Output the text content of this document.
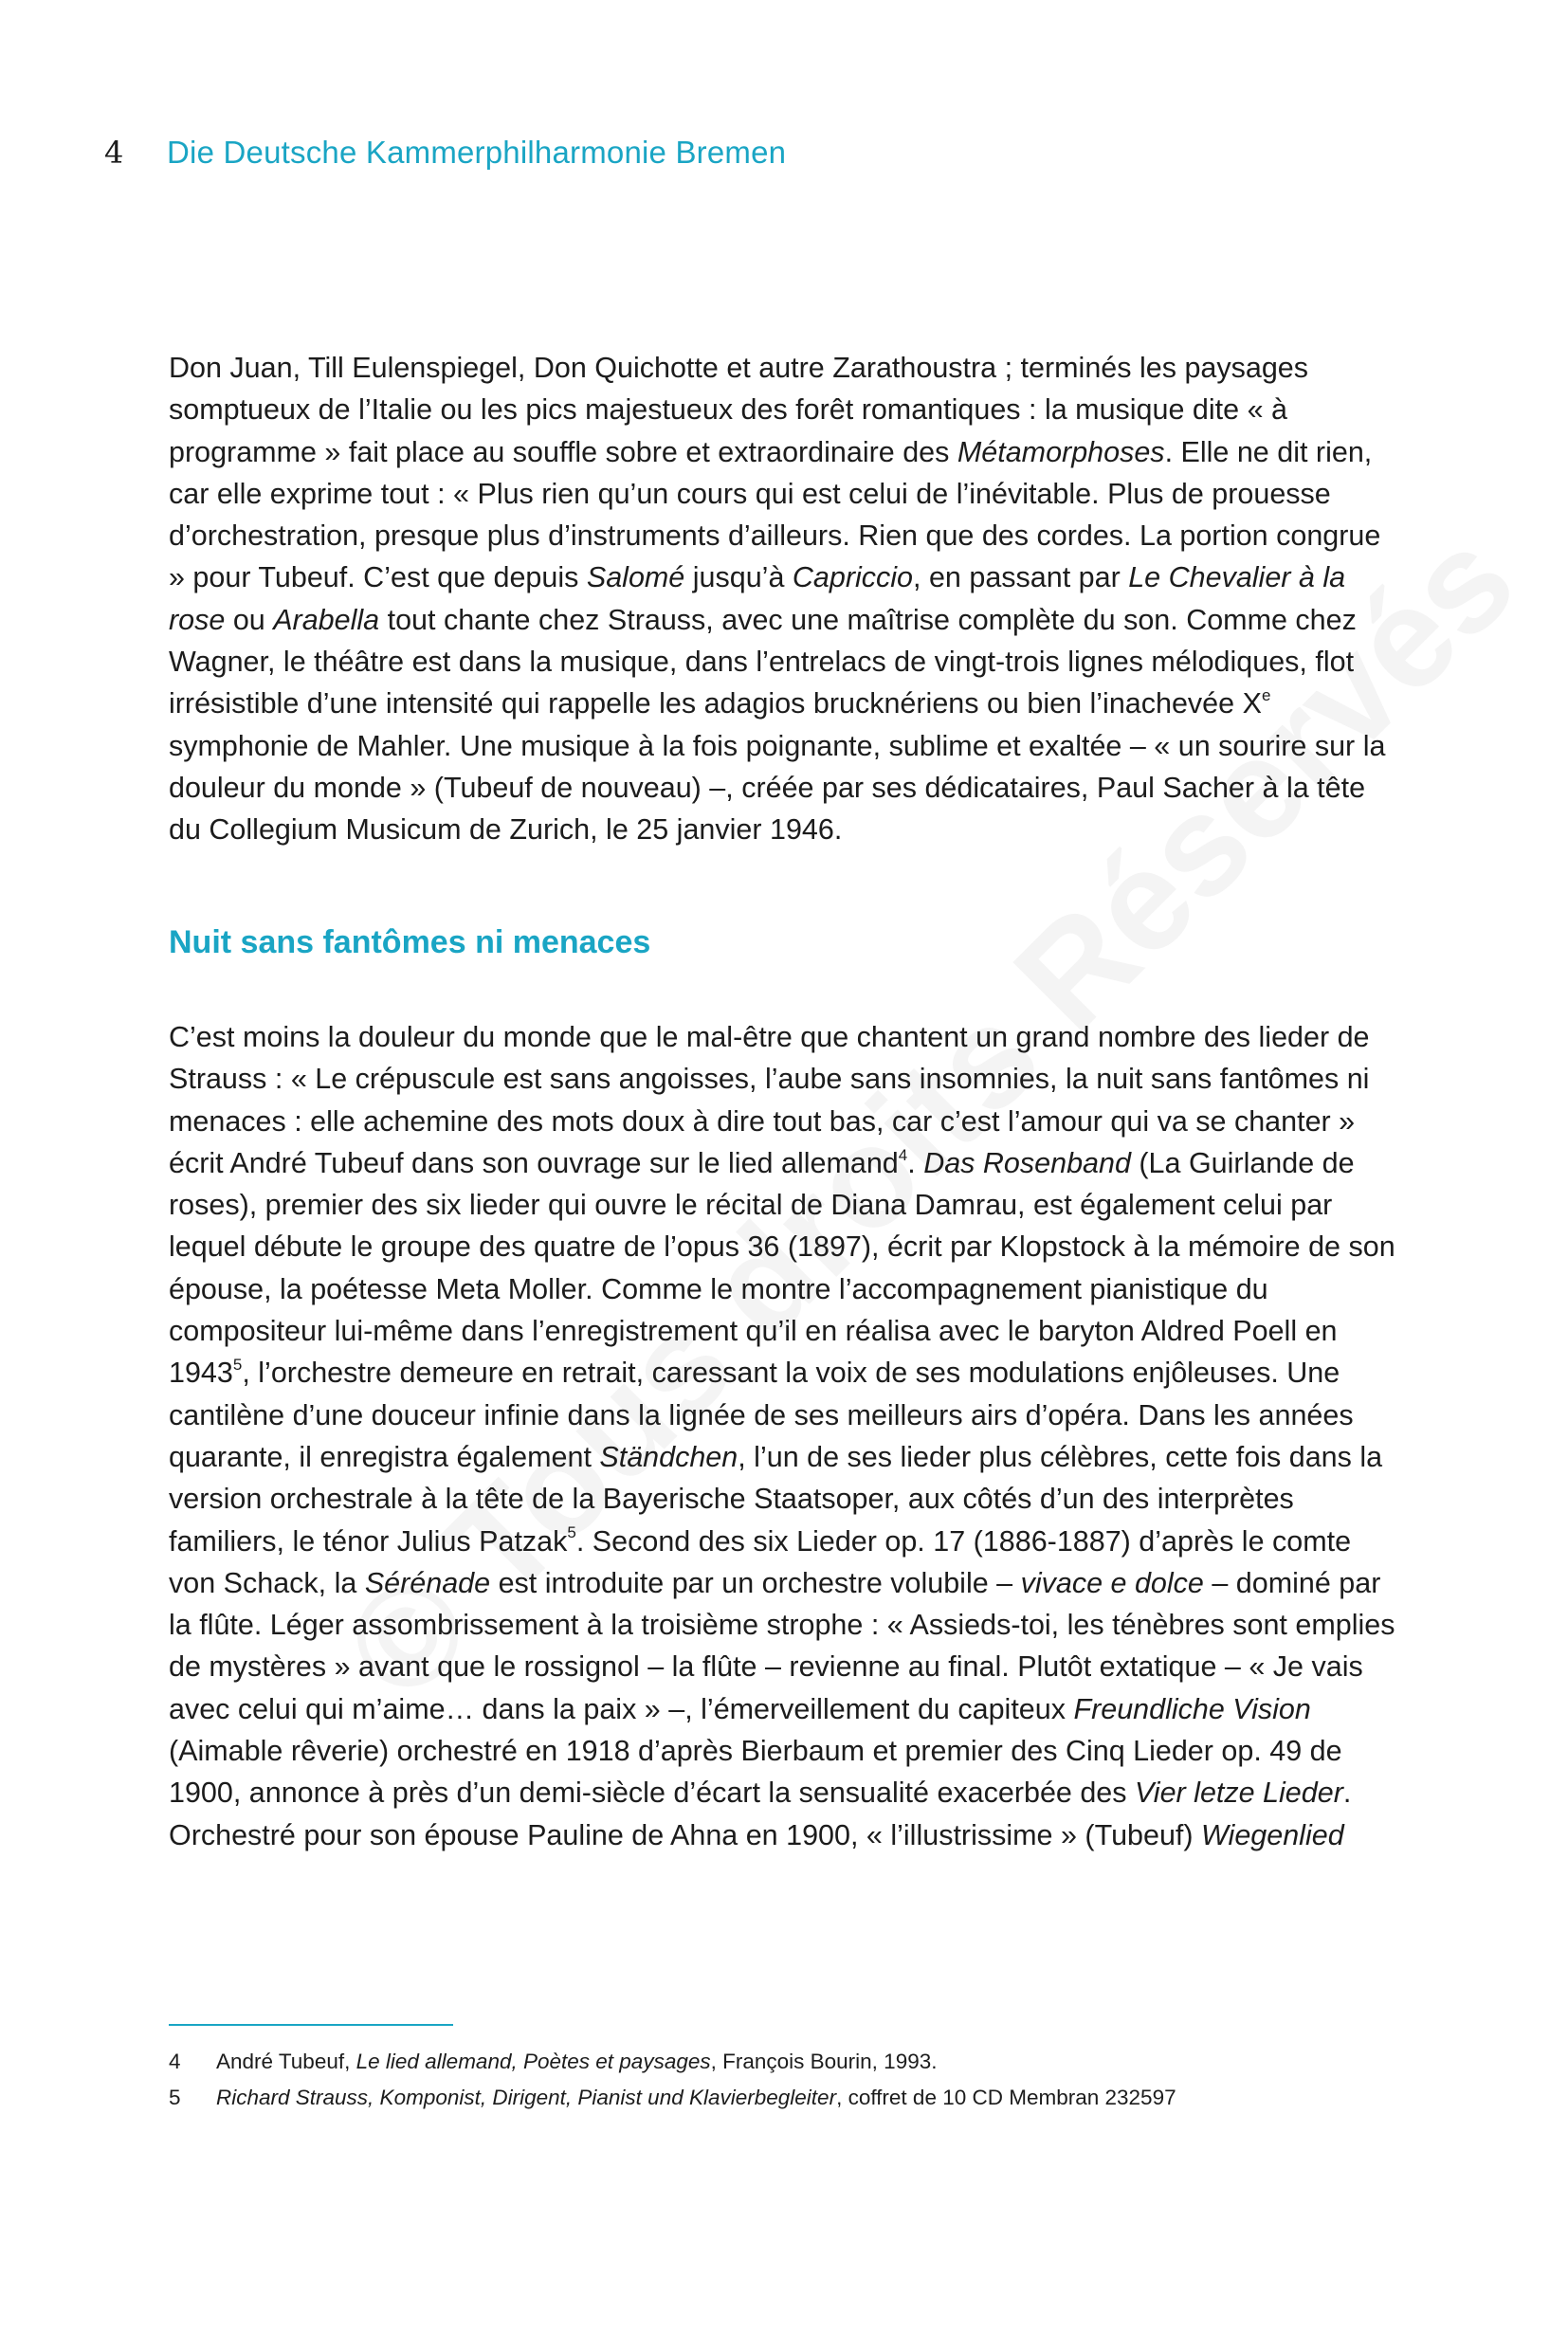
4	Die Deutsche Kammerphilharmonie Bremen

Don Juan, Till Eulenspiegel, Don Quichotte et autre Zarathoustra ; terminés les paysages somptueux de l’Italie ou les pics majestueux des forêt romantiques : la musique dite « à programme » fait place au souffle sobre et extraordinaire des Métamorphoses. Elle ne dit rien, car elle exprime tout : « Plus rien qu’un cours qui est celui de l’inévitable. Plus de prouesse d’orchestration, presque plus d’instruments d’ailleurs. Rien que des cordes. La portion congrue » pour Tubeuf. C’est que depuis Salomé jusqu’à Capriccio, en passant par Le Chevalier à la rose ou Arabella tout chante chez Strauss, avec une maîtrise complète du son. Comme chez Wagner, le théâtre est dans la musique, dans l’entrelacs de vingt-trois lignes mélodiques, flot irrésistible d’une intensité qui rappelle les adagios brucknériens ou bien l’inachevée Xe symphonie de Mahler. Une musique à la fois poignante, sublime et exaltée – « un sourire sur la douleur du monde » (Tubeuf de nouveau) –, créée par ses dédicataires, Paul Sacher à la tête du Collegium Musicum de Zurich, le 25 janvier 1946.

Nuit sans fantômes ni menaces

C’est moins la douleur du monde que le mal-être que chantent un grand nombre des lieder de Strauss : « Le crépuscule est sans angoisses, l’aube sans insomnies, la nuit sans fantômes ni menaces : elle achemine des mots doux à dire tout bas, car c’est l’amour qui va se chanter » écrit André Tubeuf dans son ouvrage sur le lied allemand$^4$. Das Rosenband (La Guirlande de roses), premier des six lieder qui ouvre le récital de Diana Damrau, est également celui par lequel débute le groupe des quatre de l’opus 36 (1897), écrit par Klopstock à la mémoire de son épouse, la poétesse Meta Moller. Comme le montre l’accompagnement pianistique du compositeur lui-même dans l’enregistrement qu’il en réalisa avec le baryton Aldred Poell en 1943$^5$, l’orchestre demeure en retrait, caressant la voix de ses modulations enjôleuses. Une cantilène d’une douceur infinie dans la lignée de ses meilleurs airs d’opéra. Dans les années quarante, il enregistra également Ständchen, l’un de ses lieder plus célèbres, cette fois dans la version orchestrale à la tête de la Bayerische Staatsoper, aux côtés d’un des interprètes familiers, le ténor Julius Patzak$^5$. Second des six Lieder op. 17 (1886-1887) d’après le comte von Schack, la Sérénade est introduite par un orchestre volubile – vivace e dolce – dominé par la flûte. Léger assombrissement à la troisième strophe : « Assieds-toi, les ténèbres sont emplies de mystères » avant que le rossignol – la flûte – revienne au final. Plutôt extatique – « Je vais avec celui qui m’aime… dans la paix » –, l’émerveillement du capiteux Freundliche Vision (Aimable rêverie) orchestré en 1918 d’après Bierbaum et premier des Cinq Lieder op. 49 de 1900, annonce à près d’un demi-siècle d’écart la sensualité exacerbée des Vier letze Lieder. Orchestré pour son épouse Pauline de Ahna en 1900, « l’illustrissime » (Tubeuf) Wiegenlied

4	André Tubeuf, Le lied allemand, Poètes et paysages, François Bourin, 1993.
5	Richard Strauss, Komponist, Dirigent, Pianist und Klavierbegleiter, coffret de 10 CD Membran 232597
